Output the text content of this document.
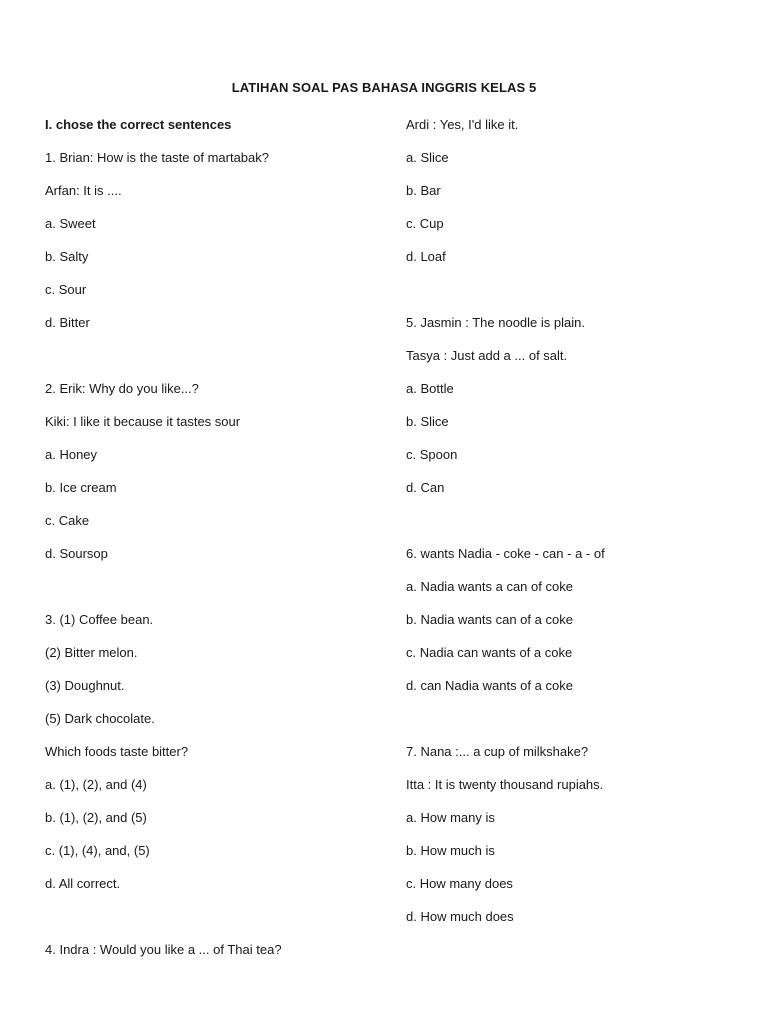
LATIHAN SOAL PAS BAHASA INGGRIS KELAS 5
I. chose the correct sentences
1. Brian: How is the taste of martabak?
Arfan: It is ....
a. Sweet
b. Salty
c. Sour
d. Bitter
2. Erik: Why do you like...?
Kiki: I like it because it tastes sour
a. Honey
b. Ice cream
c. Cake
d. Soursop
3. (1) Coffee bean.
(2) Bitter melon.
(3) Doughnut.
(5) Dark chocolate.
Which foods taste bitter?
a. (1), (2), and (4)
b. (1), (2), and (5)
c. (1), (4), and, (5)
d. All correct.
4. Indra : Would you like a ... of Thai tea?
Ardi : Yes, I'd like it.
a. Slice
b. Bar
c. Cup
d. Loaf
5. Jasmin : The noodle is plain.
Tasya : Just add a ... of salt.
a. Bottle
b. Slice
c. Spoon
d. Can
6. wants Nadia - coke - can - a - of
a. Nadia wants a can of coke
b. Nadia wants can of a coke
c. Nadia can wants of a coke
d. can Nadia wants of a coke
7. Nana :... a cup of milkshake?
Itta : It is twenty thousand rupiahs.
a. How many is
b. How much is
c. How many does
d. How much does
